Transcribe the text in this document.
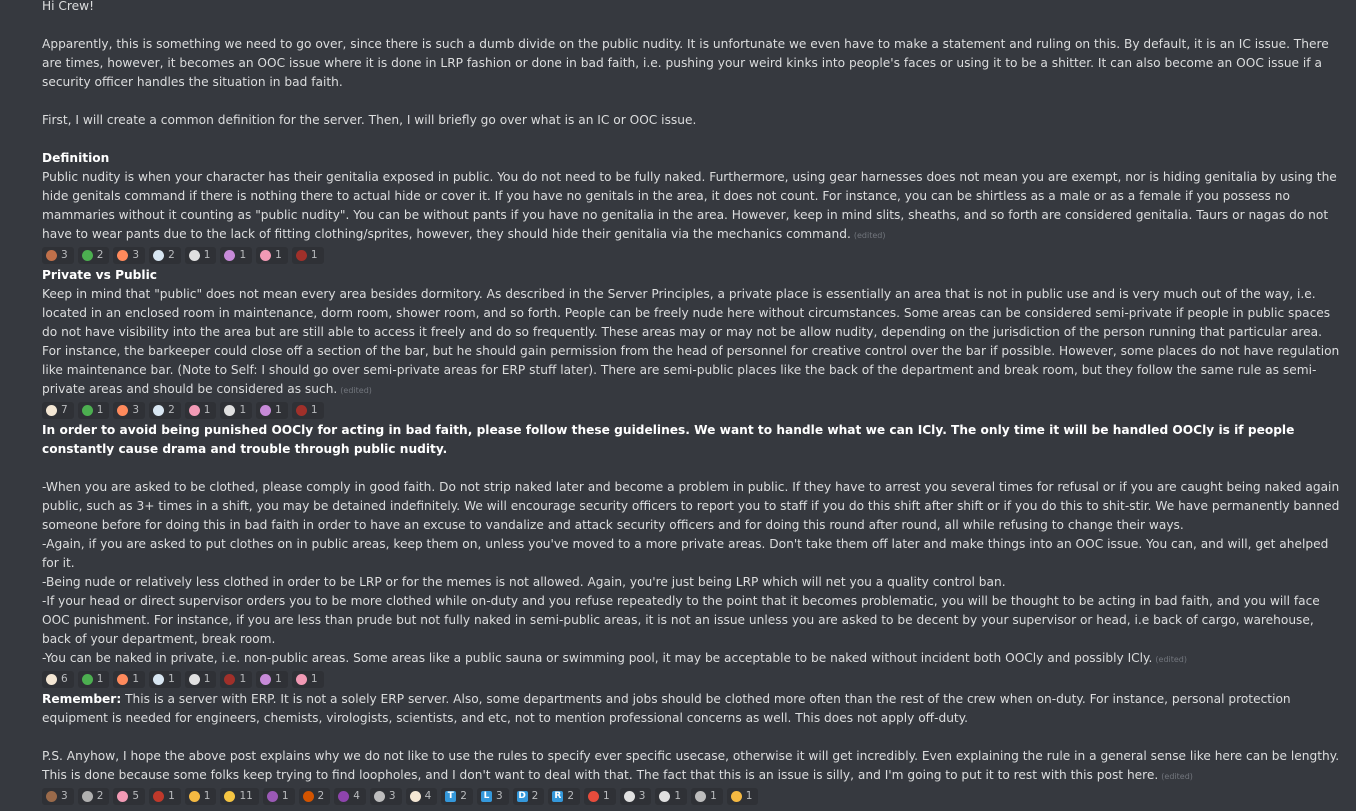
Hi Crew!

Apparently, this is something we need to go over, since there is such a dumb divide on the public nudity. It is unfortunate we even have to make a statement and ruling on this. By default, it is an IC issue. There are times, however, it becomes an OOC issue where it is done in LRP fashion or done in bad faith, i.e. pushing your weird kinks into people's faces or using it to be a shitter. It can also become an OOC issue if a security officer handles the situation in bad faith.

First, I will create a common definition for the server. Then, I will briefly go over what is an IC or OOC issue.

Definition

Public nudity is when your character has their genitalia exposed in public. You do not need to be fully naked. Furthermore, using gear harnesses does not mean you are exempt, nor is hiding genitalia by using the hide genitals command if there is nothing there to actual hide or cover it. If you have no genitals in the area, it does not count. For instance, you can be shirtless as a male or as a female if you possess no mammaries without it counting as "public nudity". You can be without pants if you have no genitalia in the area. However, keep in mind slits, sheaths, and so forth are considered genitalia. Taurs or nagas do not have to wear pants due to the lack of fitting clothing/sprites, however, they should hide their genitalia via the mechanics command. (edited)

3	2	3	2	1	1	1	1

Private vs Public

Keep in mind that "public" does not mean every area besides dormitory. As described in the Server Principles, a private place is essentially an area that is not in public use and is very much out of the way, i.e. located in an enclosed room in maintenance, dorm room, shower room, and so forth. People can be freely nude here without circumstances. Some areas can be considered semi-private if people in public spaces do not have visibility into the area but are still able to access it freely and do so frequently. These areas may or may not be allow nudity, depending on the jurisdiction of the person running that particular area. For instance, the barkeeper could close off a section of the bar, but he should gain permission from the head of personnel for creative control over the bar if possible. However, some places do not have regulation like maintenance bar. (Note to Self: I should go over semi-private areas for ERP stuff later). There are semi-public places like the back of the department and break room, but they follow the same rule as semi-private areas and should be considered as such. (edited)

7	1	3	2	1	1	1	1

In order to avoid being punished OOCly for acting in bad faith, please follow these guidelines. We want to handle what we can ICly. The only time it will be handled OOCly is if people constantly cause drama and trouble through public nudity.

-When you are asked to be clothed, please comply in good faith. Do not strip naked later and become a problem in public. If they have to arrest you several times for refusal or if you are caught being naked again public, such as 3+ times in a shift, you may be detained indefinitely. We will encourage security officers to report you to staff if you do this shift after shift or if you do this to shit-stir. We have permanently banned someone before for doing this in bad faith in order to have an excuse to vandalize and attack security officers and for doing this round after round, all while refusing to change their ways.

-Again, if you are asked to put clothes on in public areas, keep them on, unless you've moved to a more private areas. Don't take them off later and make things into an OOC issue. You can, and will, get ahelped for it.

-Being nude or relatively less clothed in order to be LRP or for the memes is not allowed. Again, you're just being LRP which will net you a quality control ban.

-If your head or direct supervisor orders you to be more clothed while on-duty and you refuse repeatedly to the point that it becomes problematic, you will be thought to be acting in bad faith, and you will face OOC punishment. For instance, if you are less than prude but not fully naked in semi-public areas, it is not an issue unless you are asked to be decent by your supervisor or head, i.e back of cargo, warehouse, back of your department, break room.

-You can be naked in private, i.e. non-public areas. Some areas like a public sauna or swimming pool, it may be acceptable to be naked without incident both OOCly and possibly ICly. (edited)

6	1	1	1	1	1	1	1

Remember: This is a server with ERP. It is not a solely ERP server. Also, some departments and jobs should be clothed more often than the rest of the crew when on-duty. For instance, personal protection equipment is needed for engineers, chemists, virologists, scientists, and etc, not to mention professional concerns as well. This does not apply off-duty.

P.S. Anyhow, I hope the above post explains why we do not like to use the rules to specify ever specific usecase, otherwise it will get incredibly. Even explaining the rule in a general sense like here can be lengthy. This is done because some folks keep trying to find loopholes, and I don't want to deal with that. The fact that this is an issue is silly, and I'm going to put it to rest with this post here. (edited)

3	2	5	1	1	11	1	2	4	3	4 T 2 L 3 D 2 R 2	1	3	1	1	1
